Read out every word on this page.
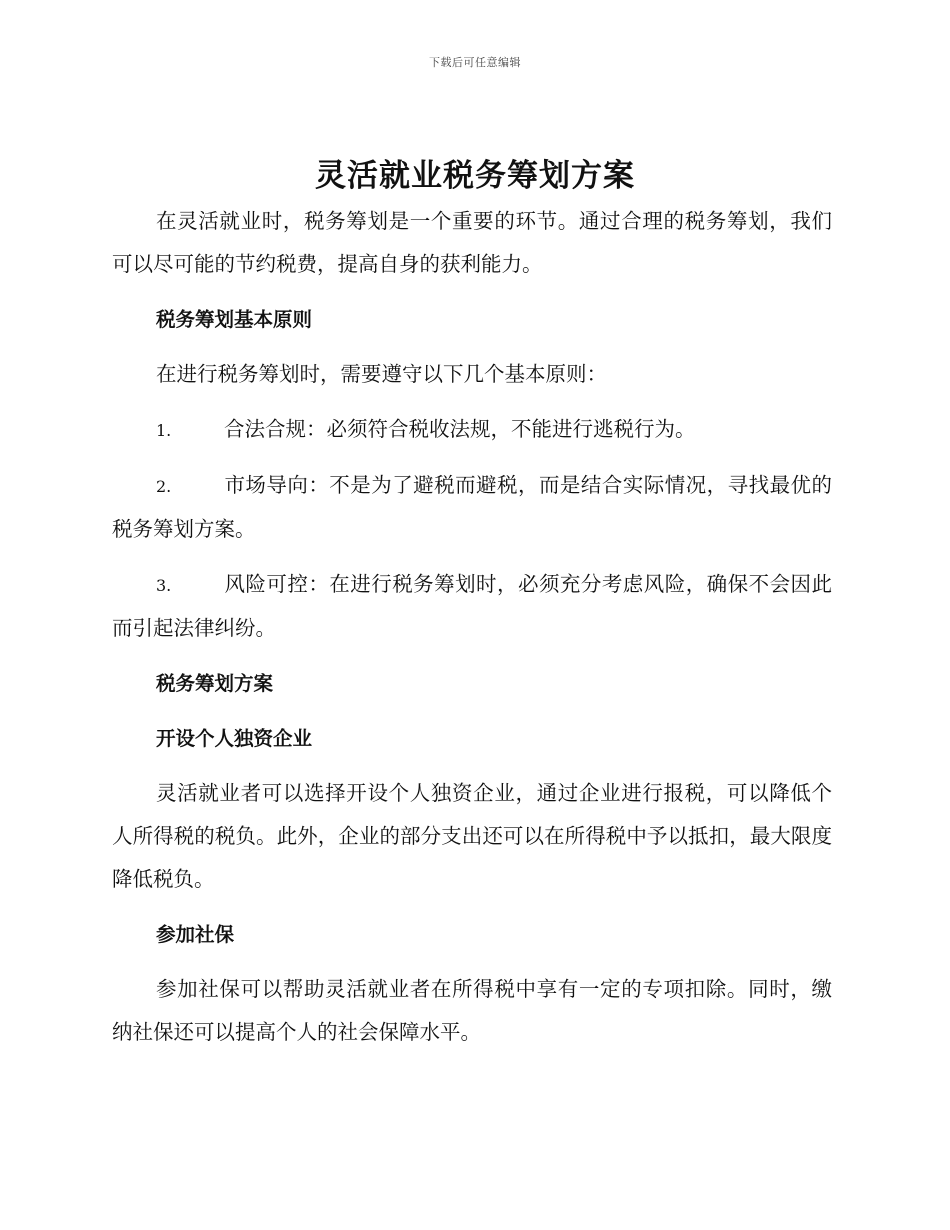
下载后可任意编辑
灵活就业税务筹划方案

在灵活就业时，税务筹划是一个重要的环节。通过合理的税务筹划，我们可以尽可能的节约税费，提高自身的获利能力。

税务筹划基本原则

在进行税务筹划时，需要遵守以下几个基本原则：

1.	合法合规：必须符合税收法规，不能进行逃税行为。

2.	市场导向：不是为了避税而避税，而是结合实际情况，寻找最优的税务筹划方案。

3.	风险可控：在进行税务筹划时，必须充分考虑风险，确保不会因此而引起法律纠纷。

税务筹划方案

开设个人独资企业

灵活就业者可以选择开设个人独资企业，通过企业进行报税，可以降低个人所得税的税负。此外，企业的部分支出还可以在所得税中予以抵扣，最大限度降低税负。

参加社保

参加社保可以帮助灵活就业者在所得税中享有一定的专项扣除。同时，缴纳社保还可以提高个人的社会保障水平。
